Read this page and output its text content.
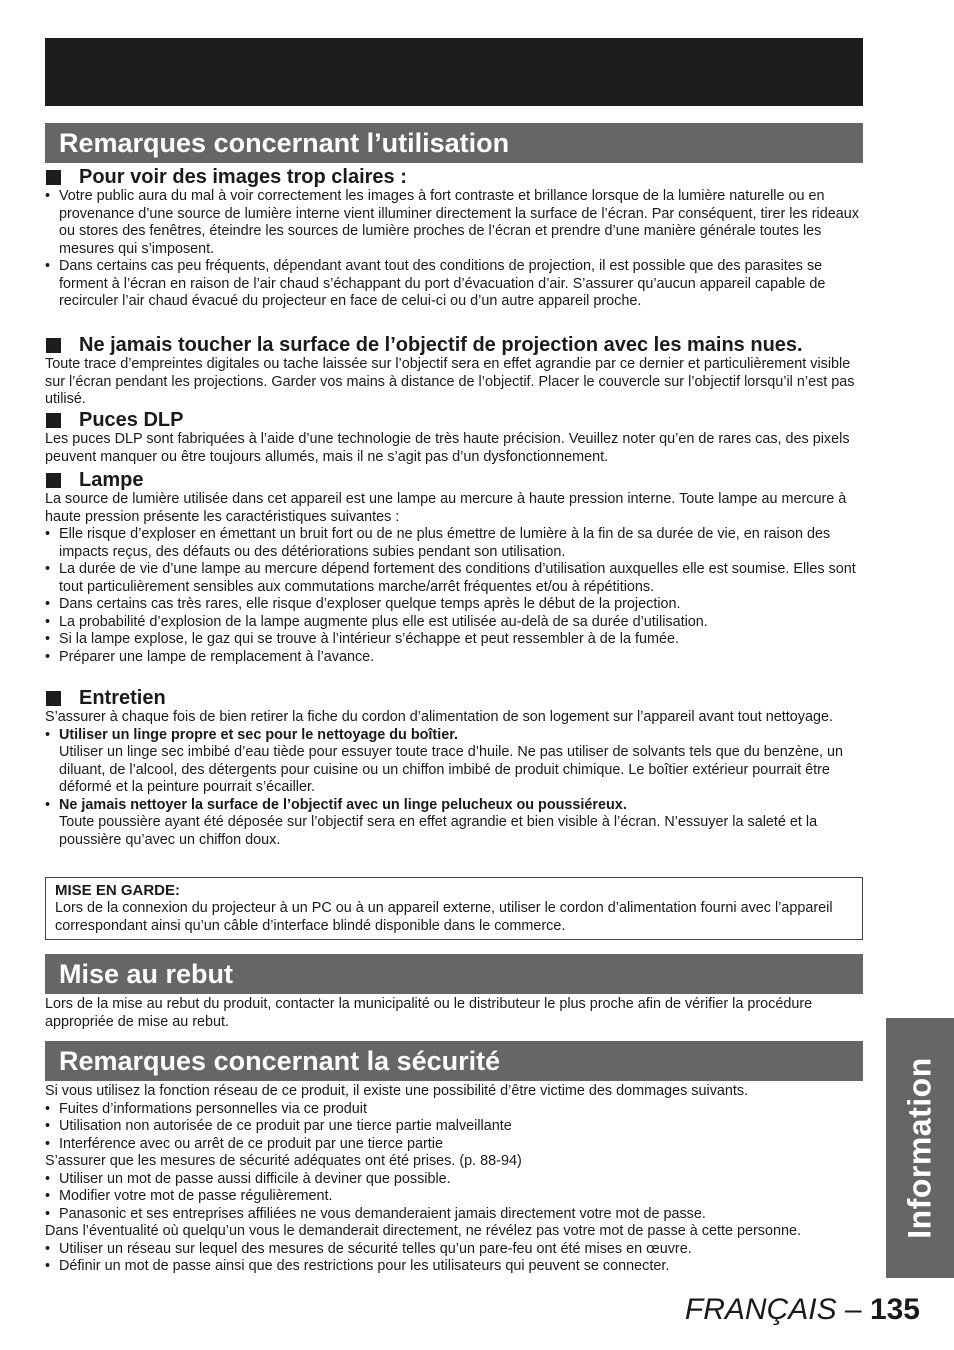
Remarques concernant l’utilisation
Pour voir des images trop claires :
• Votre public aura du mal à voir correctement les images à fort contraste et brillance lorsque de la lumière naturelle ou en provenance d’une source de lumière interne vient illuminer directement la surface de l’écran. Par conséquent, tirer les rideaux ou stores des fenêtres, éteindre les sources de lumière proches de l’écran et prendre d’une manière générale toutes les mesures qui s’imposent.
• Dans certains cas peu fréquents, dépendant avant tout des conditions de projection, il est possible que des parasites se forment à l’écran en raison de l’air chaud s’échappant du port d’évacuation d’air. S’assurer qu’aucun appareil capable de recirculer l’air chaud évacué du projecteur en face de celui-ci ou d’un autre appareil proche.
Ne jamais toucher la surface de l’objectif de projection avec les mains nues.

Toute trace d’empreintes digitales ou tache laissée sur l’objectif sera en effet agrandie par ce dernier et particulièrement visible sur l’écran pendant les projections. Garder vos mains à distance de l’objectif. Placer le couvercle sur l’objectif lorsqu’il n’est pas utilisé.

Puces DLP

Les puces DLP sont fabriquées à l’aide d’une technologie de très haute précision. Veuillez noter qu’en de rares cas, des pixels peuvent manquer ou être toujours allumés, mais il ne s’agit pas d’un dysfonctionnement.

Lampe

La source de lumière utilisée dans cet appareil est une lampe au mercure à haute pression interne. Toute lampe au mercure à haute pression présente les caractéristiques suivantes :

• Elle risque d’exploser en émettant un bruit fort ou de ne plus émettre de lumière à la fin de sa durée de vie, en raison des impacts reçus, des défauts ou des détériorations subies pendant son utilisation.
• La durée de vie d’une lampe au mercure dépend fortement des conditions d’utilisation auxquelles elle est soumise. Elles sont tout particulièrement sensibles aux commutations marche/arrêt fréquentes et/ou à répétitions.
• Dans certains cas très rares, elle risque d’exploser quelque temps après le début de la projection.
• La probabilité d’explosion de la lampe augmente plus elle est utilisée au-delà de sa durée d’utilisation.
• Si la lampe explose, le gaz qui se trouve à l’intérieur s’échappe et peut ressembler à de la fumée.
• Préparer une lampe de remplacement à l’avance.
Entretien

S’assurer à chaque fois de bien retirer la fiche du cordon d’alimentation de son logement sur l’appareil avant tout nettoyage.

• Utiliser un linge propre et sec pour le nettoyage du boîtier.
Utiliser un linge sec imbibé d’eau tiède pour essuyer toute trace d’huile. Ne pas utiliser de solvants tels que du benzène, un diluant, de l’alcool, des détergents pour cuisine ou un chiffon imbibé de produit chimique. Le boîtier extérieur pourrait être déformé et la peinture pourrait s’écailler.
• Ne jamais nettoyer la surface de l’objectif avec un linge pelucheux ou poussiéreux.
Toute poussière ayant été déposée sur l’objectif sera en effet agrandie et bien visible à l’écran. N’essuyer la saleté et la poussière qu’avec un chiffon doux.
MISE EN GARDE:
Lors de la connexion du projecteur à un PC ou à un appareil externe, utiliser le cordon d’alimentation fourni avec l’appareil correspondant ainsi qu’un câble d’interface blindé disponible dans le commerce.
Mise au rebut

Lors de la mise au rebut du produit, contacter la municipalité ou le distributeur le plus proche afin de vérifier la procédure appropriée de mise au rebut.

Remarques concernant la sécurité

Si vous utilisez la fonction réseau de ce produit, il existe une possibilité d’être victime des dommages suivants.

• Fuites d’informations personnelles via ce produit
• Utilisation non autorisée de ce produit par une tierce partie malveillante
• Interférence avec ou arrêt de ce produit par une tierce partie

S’assurer que les mesures de sécurité adéquates ont été prises. (p. 88-94)

• Utiliser un mot de passe aussi difficile à deviner que possible.
• Modifier votre mot de passe régulièrement.
• Panasonic et ses entreprises affiliées ne vous demanderaient jamais directement votre mot de passe.

Dans l’éventualité où quelqu’un vous le demanderait directement, ne révélez pas votre mot de passe à cette personne.

• Utiliser un réseau sur lequel des mesures de sécurité telles qu’un pare-feu ont été mises en œuvre.
• Définir un mot de passe ainsi que des restrictions pour les utilisateurs qui peuvent se connecter.
Information
FRANÇAIS – 135
